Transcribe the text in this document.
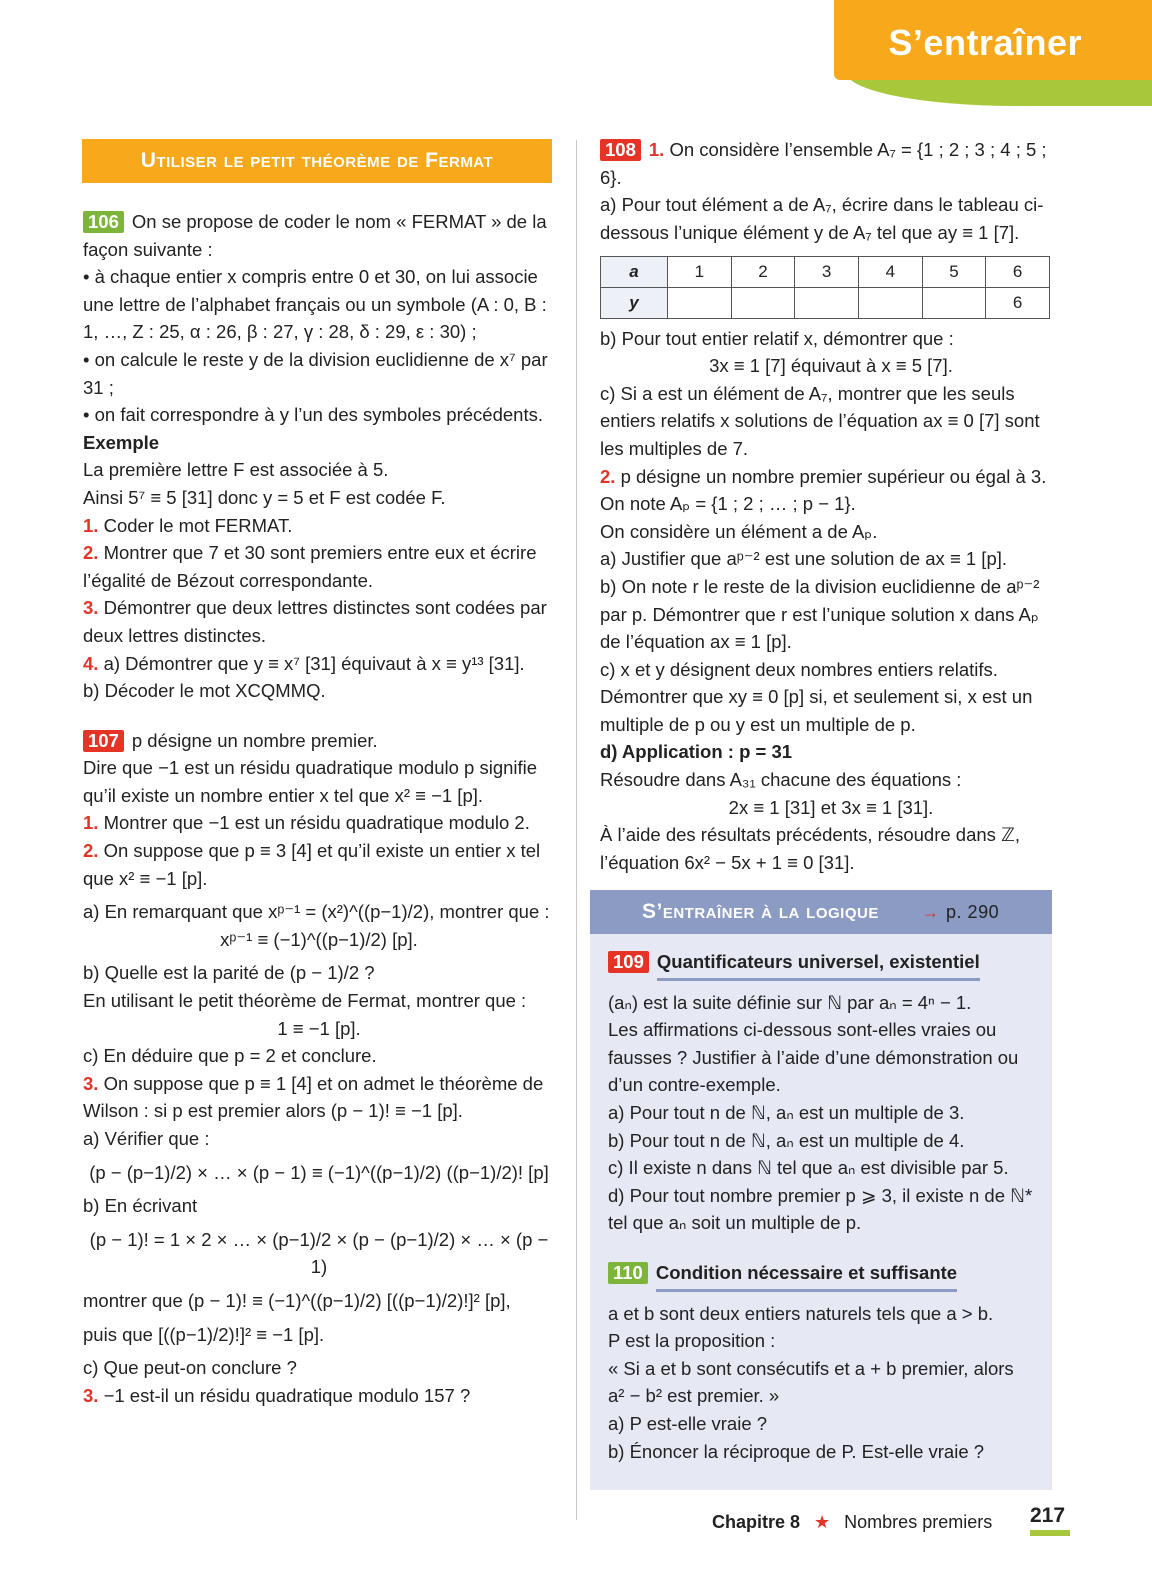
S’entraîner
Utiliser le petit théorème de Fermat

106 On se propose de coder le nom « FERMAT » de la façon suivante :

• à chaque entier x compris entre 0 et 30, on lui associe une lettre de l’alphabet français ou un symbole (A : 0, B : 1, …, Z : 25, α : 26, β : 27, γ : 28, δ : 29, ε : 30) ;

• on calcule le reste y de la division euclidienne de x⁷ par 31 ;

• on fait correspondre à y l’un des symboles précédents.

Exemple

La première lettre F est associée à 5.

Ainsi 5⁷ ≡ 5 [31] donc y = 5 et F est codée F.

1. Coder le mot FERMAT.

2. Montrer que 7 et 30 sont premiers entre eux et écrire l’égalité de Bézout correspondante.

3. Démontrer que deux lettres distinctes sont codées par deux lettres distinctes.

4. a) Démontrer que y ≡ x⁷ [31] équivaut à x ≡ y¹³ [31].

b) Décoder le mot XCQMMQ.

107 p désigne un nombre premier.

Dire que −1 est un résidu quadratique modulo p signifie qu’il existe un nombre entier x tel que x² ≡ −1 [p].

1. Montrer que −1 est un résidu quadratique modulo 2.

2. On suppose que p ≡ 3 [4] et qu’il existe un entier x tel que x² ≡ −1 [p].

a) En remarquant que xᵖ⁻¹ = (x²)^((p−1)/2), montrer que :

xᵖ⁻¹ ≡ (−1)^((p−1)/2) [p].

b) Quelle est la parité de (p − 1)/2 ?

En utilisant le petit théorème de Fermat, montrer que :

1 ≡ −1 [p].

c) En déduire que p = 2 et conclure.

3. On suppose que p ≡ 1 [4] et on admet le théorème de Wilson : si p est premier alors (p − 1)! ≡ −1 [p].

a) Vérifier que :

(p − (p−1)/2) × … × (p − 1) ≡ (−1)^((p−1)/2) ((p−1)/2)! [p]

b) En écrivant

(p − 1)! = 1 × 2 × … × (p−1)/2 × (p − (p−1)/2) × … × (p − 1)

montrer que (p − 1)! ≡ (−1)^((p−1)/2) [((p−1)/2)!]² [p],

puis que [((p−1)/2)!]² ≡ −1 [p].

c) Que peut-on conclure ?

3. −1 est-il un résidu quadratique modulo 157 ?

108 1. On considère l’ensemble A₇ = {1 ; 2 ; 3 ; 4 ; 5 ; 6}.

a) Pour tout élément a de A₇, écrire dans le tableau ci-dessous l’unique élément y de A₇ tel que ay ≡ 1 [7].

a	1	2	3	4	5	6
y						6

b) Pour tout entier relatif x, démontrer que :

3x ≡ 1 [7] équivaut à x ≡ 5 [7].

c) Si a est un élément de A₇, montrer que les seuls entiers relatifs x solutions de l’équation ax ≡ 0 [7] sont les multiples de 7.

2. p désigne un nombre premier supérieur ou égal à 3.

On note Aₚ = {1 ; 2 ; … ; p − 1}.

On considère un élément a de Aₚ.

a) Justifier que aᵖ⁻² est une solution de ax ≡ 1 [p].

b) On note r le reste de la division euclidienne de aᵖ⁻² par p. Démontrer que r est l’unique solution x dans Aₚ de l’équation ax ≡ 1 [p].

c) x et y désignent deux nombres entiers relatifs.

Démontrer que xy ≡ 0 [p] si, et seulement si, x est un multiple de p ou y est un multiple de p.

d) Application : p = 31

Résoudre dans A₃₁ chacune des équations :

2x ≡ 1 [31] et 3x ≡ 1 [31].

À l’aide des résultats précédents, résoudre dans ℤ, l’équation 6x² − 5x + 1 ≡ 0 [31].

S’entraîner à la logique → p. 290

109 Quantificateurs universel, existentiel

(aₙ) est la suite définie sur ℕ par aₙ = 4ⁿ − 1.

Les affirmations ci-dessous sont-elles vraies ou fausses ? Justifier à l’aide d’une démonstration ou d’un contre-exemple.

a) Pour tout n de ℕ, aₙ est un multiple de 3.

b) Pour tout n de ℕ, aₙ est un multiple de 4.

c) Il existe n dans ℕ tel que aₙ est divisible par 5.

d) Pour tout nombre premier p ⩾ 3, il existe n de ℕ* tel que aₙ soit un multiple de p.

110 Condition nécessaire et suffisante

a et b sont deux entiers naturels tels que a > b.

P est la proposition :

« Si a et b sont consécutifs et a + b premier, alors a² − b² est premier. »

a) P est-elle vraie ?

b) Énoncer la réciproque de P. Est-elle vraie ?

Chapitre 8 ★ Nombres premiers 217
